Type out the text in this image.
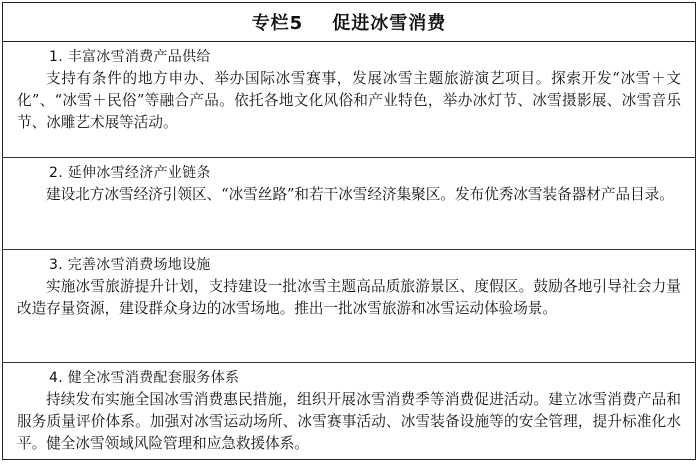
专栏5
促进冰雪消费
1. 丰富冰雪消费产品供给

支持有条件的地方申办、举办国际冰雪赛事，发展冰雪主题旅游演艺项目。探索开发“冰雪＋文化”、“冰雪＋民俗”等融合产品。依托各地文化风俗和产业特色，举办冰灯节、冰雪摄影展、冰雪音乐节、冰雕艺术展等活动。

2. 延伸冰雪经济产业链条

建设北方冰雪经济引领区、“冰雪丝路”和若干冰雪经济集聚区。发布优秀冰雪装备器材产品目录。

3. 完善冰雪消费场地设施

实施冰雪旅游提升计划，支持建设一批冰雪主题高品质旅游景区、度假区。鼓励各地引导社会力量改造存量资源，建设群众身边的冰雪场地。推出一批冰雪旅游和冰雪运动体验场景。

4. 健全冰雪消费配套服务体系

持续发布实施全国冰雪消费惠民措施，组织开展冰雪消费季等消费促进活动。建立冰雪消费产品和服务质量评价体系。加强对冰雪运动场所、冰雪赛事活动、冰雪装备设施等的安全管理，提升标准化水平。健全冰雪领域风险管理和应急救援体系。
